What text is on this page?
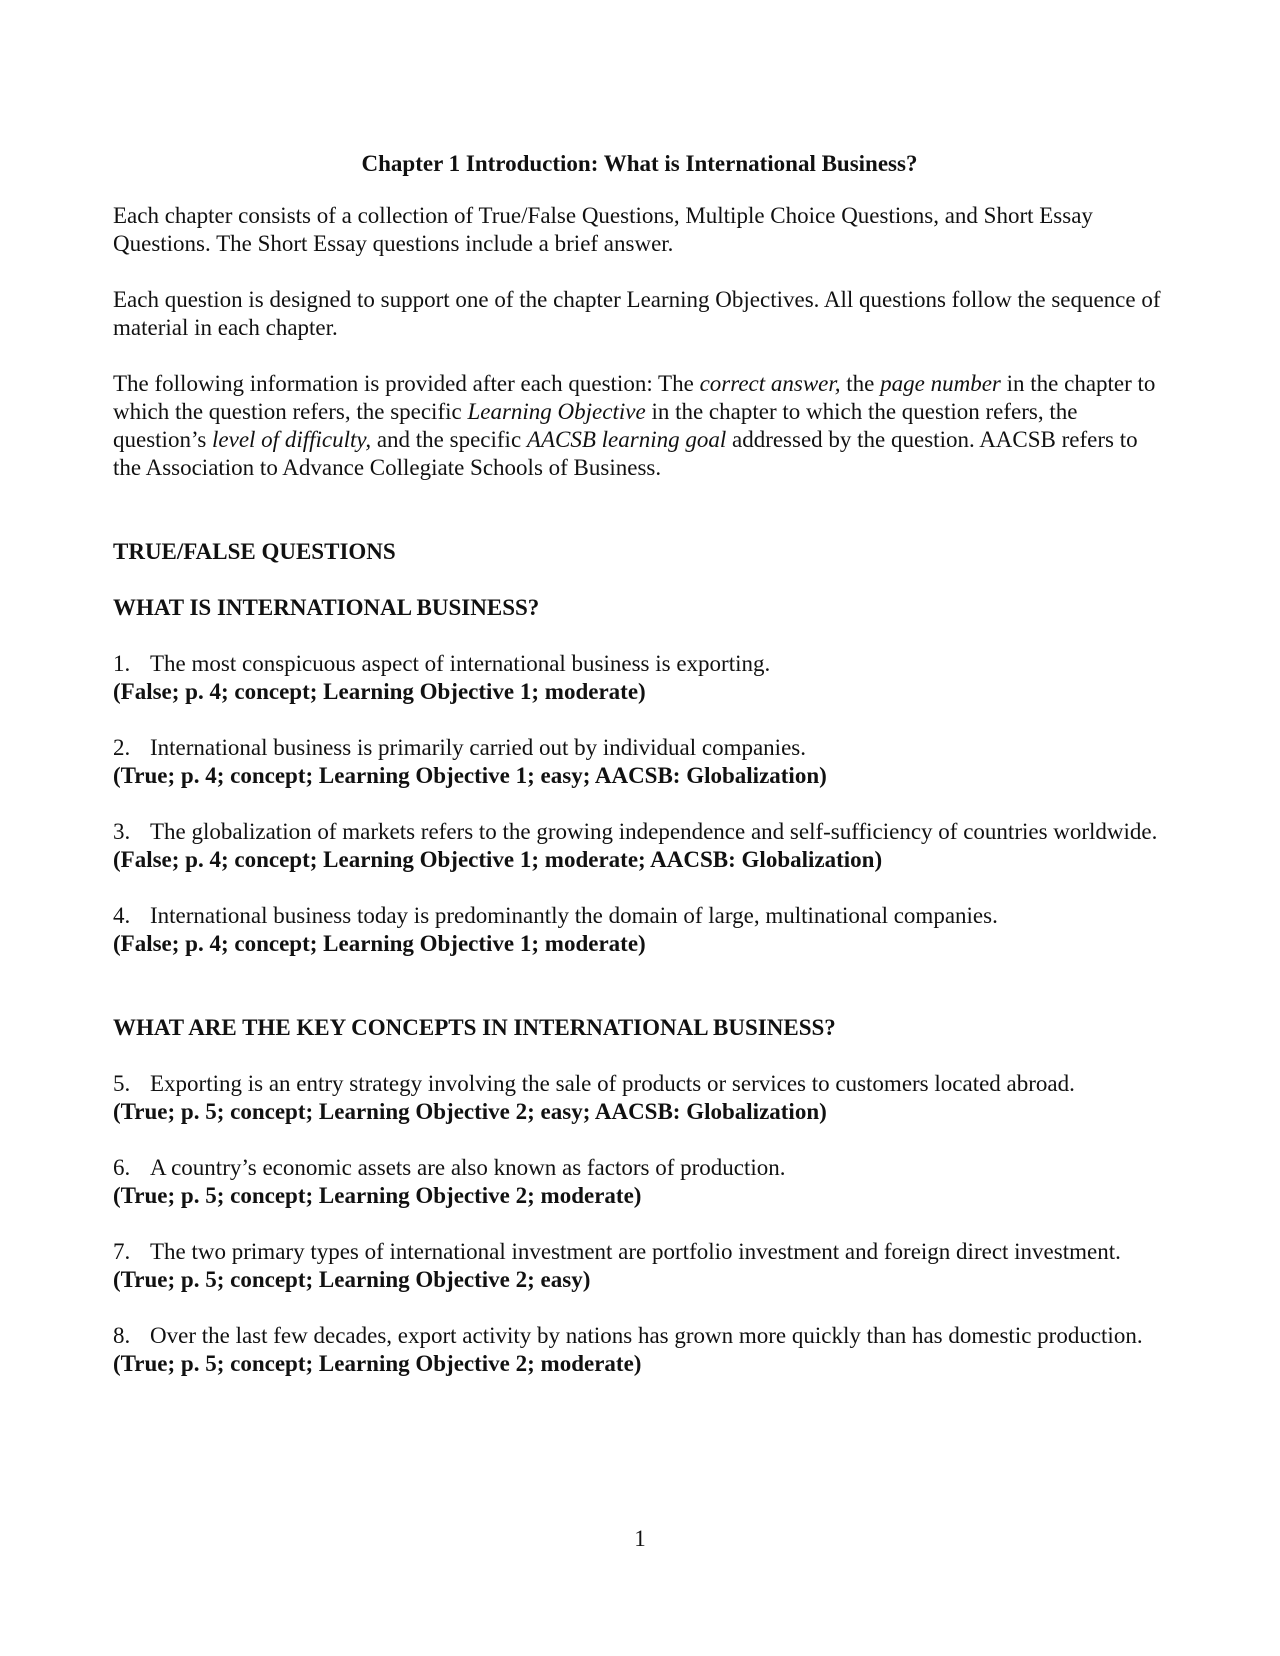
Chapter 1 Introduction: What is International Business?

Each chapter consists of a collection of True/False Questions, Multiple Choice Questions, and Short Essay Questions. The Short Essay questions include a brief answer.

Each question is designed to support one of the chapter Learning Objectives. All questions follow the sequence of material in each chapter.

The following information is provided after each question: The correct answer, the page number in the chapter to which the question refers, the specific Learning Objective in the chapter to which the question refers, the question’s level of difficulty, and the specific AACSB learning goal addressed by the question. AACSB refers to the Association to Advance Collegiate Schools of Business.

TRUE/FALSE QUESTIONS
WHAT IS INTERNATIONAL BUSINESS?
1. The most conspicuous aspect of international business is exporting.
(False; p. 4; concept; Learning Objective 1; moderate)
2. International business is primarily carried out by individual companies.
(True; p. 4; concept; Learning Objective 1; easy; AACSB: Globalization)
3. The globalization of markets refers to the growing independence and self-sufficiency of countries worldwide.
(False; p. 4; concept; Learning Objective 1; moderate; AACSB: Globalization)
4. International business today is predominantly the domain of large, multinational companies.
(False; p. 4; concept; Learning Objective 1; moderate)
WHAT ARE THE KEY CONCEPTS IN INTERNATIONAL BUSINESS?
5. Exporting is an entry strategy involving the sale of products or services to customers located abroad.
(True; p. 5; concept; Learning Objective 2; easy; AACSB: Globalization)
6. A country’s economic assets are also known as factors of production.
(True; p. 5; concept; Learning Objective 2; moderate)
7. The two primary types of international investment are portfolio investment and foreign direct investment.
(True; p. 5; concept; Learning Objective 2; easy)
8. Over the last few decades, export activity by nations has grown more quickly than has domestic production.
(True; p. 5; concept; Learning Objective 2; moderate)
1
